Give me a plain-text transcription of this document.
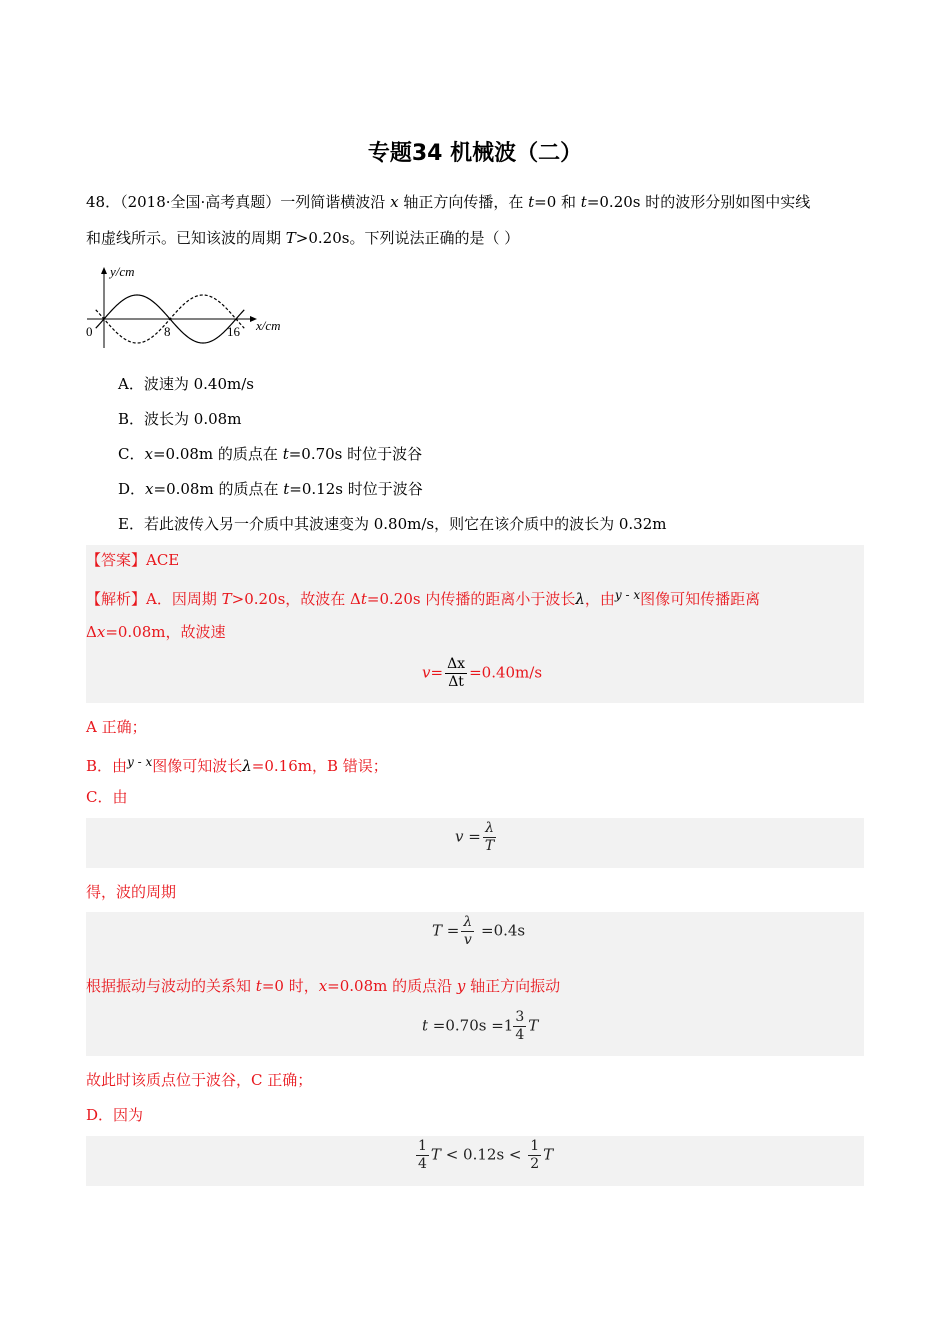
专题34 机械波（二）
48．（2018·全国·高考真题）一列简谐横波沿 x 轴正方向传播，在 t=0 和 t=0.20s 时的波形分别如图中实线
和虚线所示。已知该波的周期 T>0.20s。下列说法正确的是（ ）
y/cm
x/cm
0	8	16
A．波速为 0.40m/s
B．波长为 0.08m
C．x=0.08m 的质点在 t=0.70s 时位于波谷
D．x=0.08m 的质点在 t=0.12s 时位于波谷
E．若此波传入另一介质中其波速变为 0.80m/s，则它在该介质中的波长为 0.32m
【答案】ACE
【解析】A．因周期 T>0.20s，故波在 Δt=0.20s 内传播的距离小于波长λ，由$^{y - x}$图像可知传播距离
Δx=0.08m，故波速
$v= \frac{\Delta x}{\Delta t} =0.40m/s$
A 正确；
B．由$^{y - x}$图像可知波长λ=0.16m，B 错误；
C．由
$v = \frac{\lambda}{T}$
得，波的周期
$T = \frac{\lambda}{v} =0.4s$
根据振动与波动的关系知 t=0 时，x=0.08m 的质点沿 y 轴正方向振动
$t =0.70s =1 \frac{3}{4}$ T
故此时该质点位于波谷，C 正确；
D．因为
$\frac{1}{4}$ $T < 0.12s < \frac{1}{2}$ T
